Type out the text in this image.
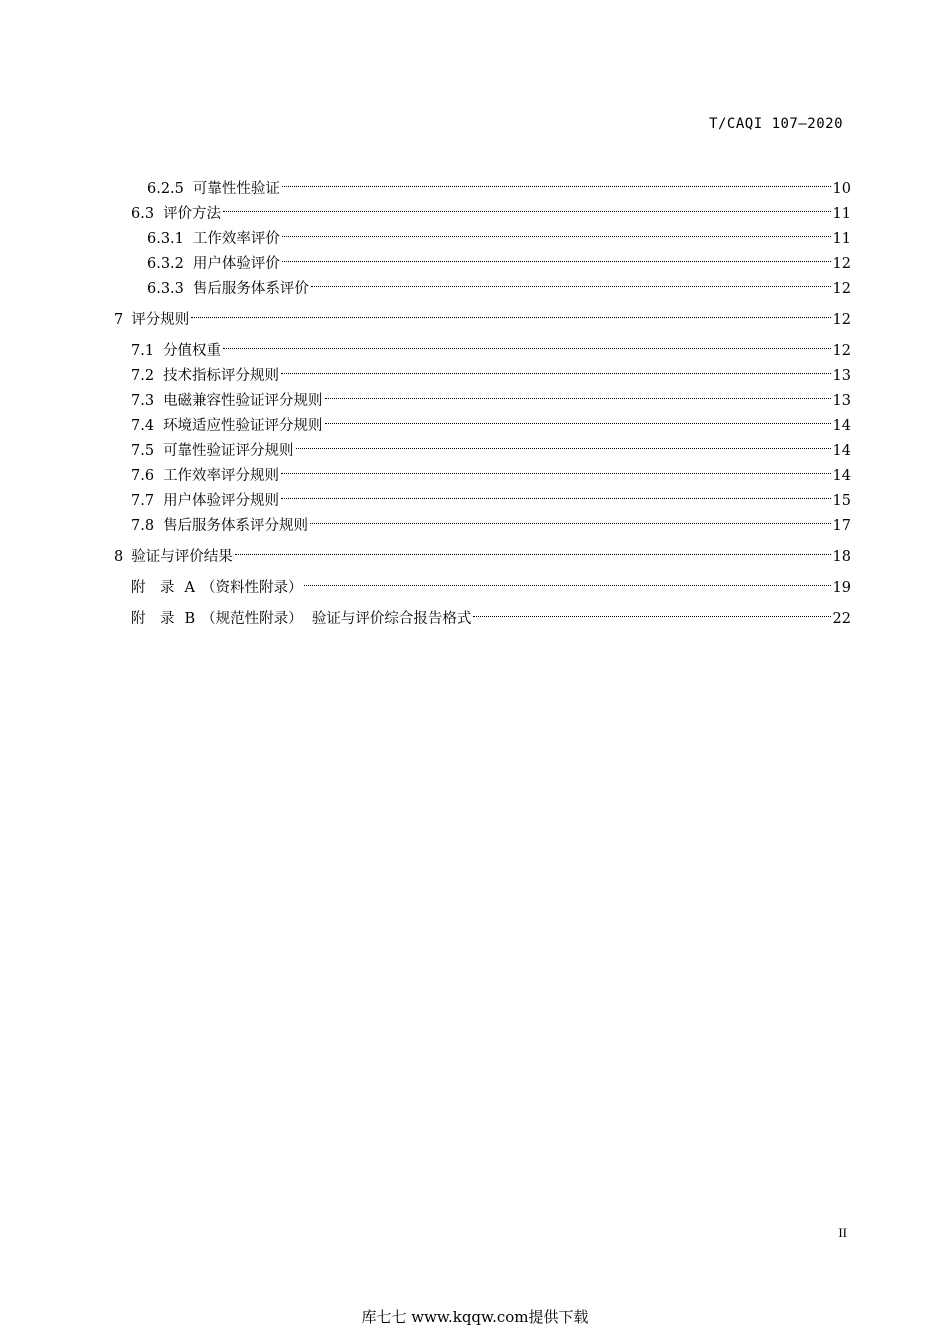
T/CAQI 107—2020
6.2.5 可靠性性验证	10
6.3 评价方法	11
6.3.1 工作效率评价	11
6.3.2 用户体验评价	12
6.3.3 售后服务体系评价	12
7 评分规则	12
7.1 分值权重	12
7.2 技术指标评分规则	13
7.3 电磁兼容性验证评分规则	13
7.4 环境适应性验证评分规则	14
7.5 可靠性验证评分规则	14
7.6 工作效率评分规则	14
7.7 用户体验评分规则	15
7.8 售后服务体系评分规则	17
8 验证与评价结果	18
附　录 A （资料性附录）	19
附　录 B （规范性附录）  验证与评价综合报告格式	22
II
库七七 www.kqqw.com提供下载
